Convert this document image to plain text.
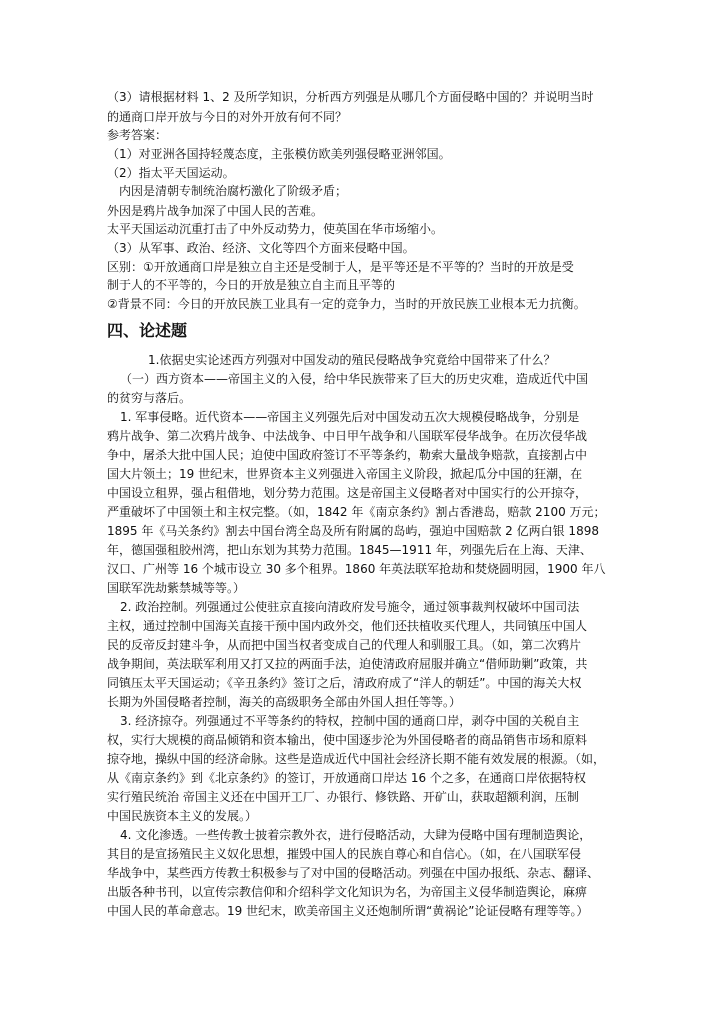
（3）请根据材料 1、2 及所学知识，分析西方列强是从哪几个方面侵略中国的？并说明当时
的通商口岸开放与今日的对外开放有何不同？
参考答案：
（1）对亚洲各国持轻蔑态度，主张模仿欧美列强侵略亚洲邻国。
（2）指太平天国运动。
　内因是清朝专制统治腐朽激化了阶级矛盾；
外因是鸦片战争加深了中国人民的苦难。
太平天国运动沉重打击了中外反动势力，使英国在华市场缩小。
（3）从军事、政治、经济、文化等四个方面来侵略中国。
区别：①开放通商口岸是独立自主还是受制于人，是平等还是不平等的？当时的开放是受
制于人的不平等的，今日的开放是独立自主而且平等的
②背景不同：今日的开放民族工业具有一定的竞争力，当时的开放民族工业根本无力抗衡。
四、论述题
1.依据史实论述西方列强对中国发动的殖民侵略战争究竟给中国带来了什么？
（一）西方资本——帝国主义的入侵，给中华民族带来了巨大的历史灾难，造成近代中国
的贫穷与落后。
1. 军事侵略。近代资本——帝国主义列强先后对中国发动五次大规模侵略战争，分别是
鸦片战争、第二次鸦片战争、中法战争、中日甲午战争和八国联军侵华战争。在历次侵华战
争中，屠杀大批中国人民；迫使中国政府签订不平等条约，勒索大量战争赔款，直接割占中
国大片领土；19 世纪末，世界资本主义列强进入帝国主义阶段，掀起瓜分中国的狂潮，在
中国设立租界，强占租借地，划分势力范围。这是帝国主义侵略者对中国实行的公开掠夺，
严重破坏了中国领土和主权完整。（如，1842 年《南京条约》割占香港岛，赔款 2100 万元；
1895 年《马关条约》割去中国台湾全岛及所有附属的岛屿，强迫中国赔款 2 亿两白银 1898
年，德国强租胶州湾，把山东划为其势力范围。1845—1911 年，列强先后在上海、天津、
汉口、广州等 16 个城市设立 30 多个租界。1860 年英法联军抢劫和焚烧圆明园，1900 年八
国联军洗劫紫禁城等等。）
2. 政治控制。列强通过公使驻京直接向清政府发号施令，通过领事裁判权破坏中国司法
主权，通过控制中国海关直接干预中国内政外交，他们还扶植收买代理人，共同镇压中国人
民的反帝反封建斗争，从而把中国当权者变成自己的代理人和驯服工具。（如，第二次鸦片
战争期间，英法联军利用又打又拉的两面手法，迫使清政府屈服并确立“借师助剿”政策，共
同镇压太平天国运动；《辛丑条约》签订之后，清政府成了“洋人的朝廷”。中国的海关大权
长期为外国侵略者控制，海关的高级职务全部由外国人担任等等。）
3. 经济掠夺。列强通过不平等条约的特权，控制中国的通商口岸，剥夺中国的关税自主
权，实行大规模的商品倾销和资本输出，使中国逐步沦为外国侵略者的商品销售市场和原料
掠夺地，操纵中国的经济命脉。这些是造成近代中国社会经济长期不能有效发展的根源。（如，
从《南京条约》到《北京条约》的签订，开放通商口岸达 16 个之多，在通商口岸依据特权
实行殖民统治 帝国主义还在中国开工厂、办银行、修铁路、开矿山，获取超额利润，压制
中国民族资本主义的发展。）
4. 文化渗透。一些传教士披着宗教外衣，进行侵略活动，大肆为侵略中国有理制造舆论，
其目的是宣扬殖民主义奴化思想，摧毁中国人的民族自尊心和自信心。（如，在八国联军侵
华战争中，某些西方传教士积极参与了对中国的侵略活动。列强在中国办报纸、杂志、翻译、
出版各种书刊，以宣传宗教信仰和介绍科学文化知识为名，为帝国主义侵华制造舆论，麻痹
中国人民的革命意志。19 世纪末，欧美帝国主义还炮制所谓“黄祸论”论证侵略有理等等。）
